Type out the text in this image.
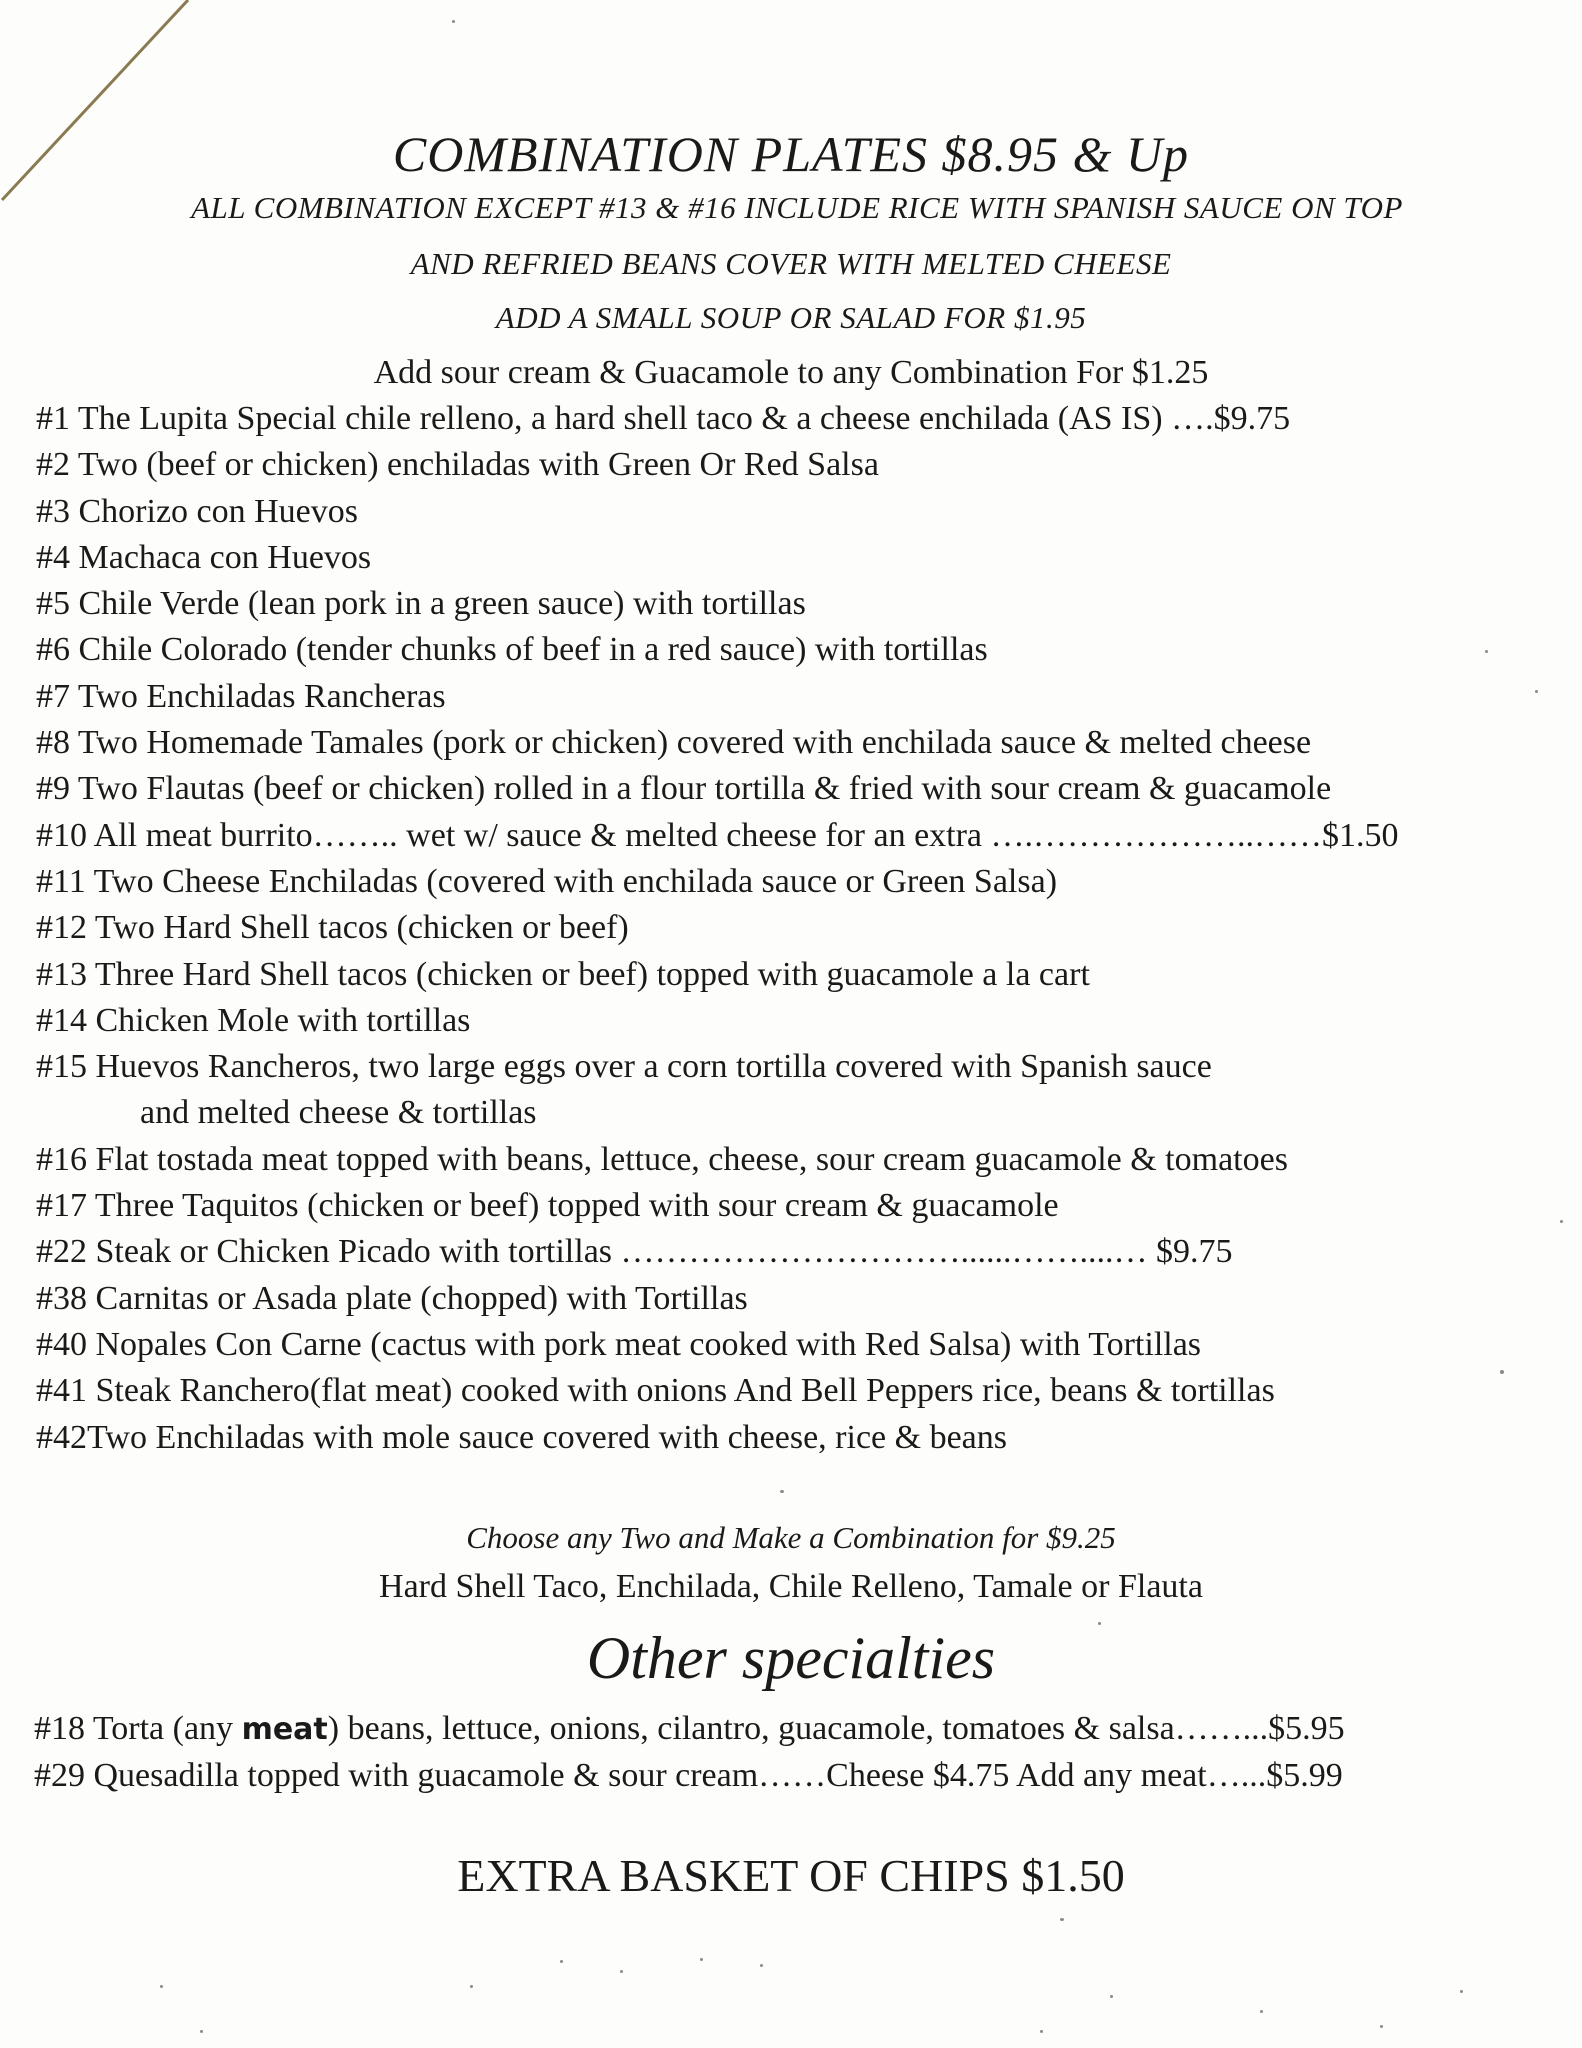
COMBINATION PLATES $8.95 & Up
ALL COMBINATION EXCEPT #13 & #16 INCLUDE RICE WITH SPANISH SAUCE ON TOP
AND REFRIED BEANS COVER WITH MELTED CHEESE
ADD A SMALL SOUP OR SALAD FOR $1.95
Add sour cream & Guacamole to any Combination For $1.25
#1 The Lupita Special chile relleno, a hard shell taco & a cheese enchilada (AS IS) ….$9.75
#2 Two (beef or chicken) enchiladas with Green Or Red Salsa
#3 Chorizo con Huevos
#4 Machaca con Huevos
#5 Chile Verde (lean pork in a green sauce) with tortillas
#6 Chile Colorado (tender chunks of beef in a red sauce) with tortillas
#7 Two Enchiladas Rancheras
#8 Two Homemade Tamales (pork or chicken) covered with enchilada sauce & melted cheese
#9 Two Flautas (beef or chicken) rolled in a flour tortilla & fried with sour cream & guacamole
#10 All meat burrito…….. wet w/ sauce & melted cheese for an extra ….………………..……$1.50
#11 Two Cheese Enchiladas (covered with enchilada sauce or Green Salsa)
#12 Two Hard Shell tacos (chicken or beef)
#13 Three Hard Shell tacos (chicken or beef) topped with guacamole a la cart
#14 Chicken Mole with tortillas
#15 Huevos Rancheros, two large eggs over a corn tortilla covered with Spanish sauce
and melted cheese & tortillas
#16 Flat tostada meat topped with beans, lettuce, cheese, sour cream guacamole & tomatoes
#17 Three Taquitos (chicken or beef) topped with sour cream & guacamole
#22 Steak or Chicken Picado with tortillas …………………………......……....… $9.75
#38 Carnitas or Asada plate (chopped) with Tortillas
#40 Nopales Con Carne (cactus with pork meat cooked with Red Salsa) with Tortillas
#41 Steak Ranchero(flat meat) cooked with onions And Bell Peppers rice, beans & tortillas
#42Two Enchiladas with mole sauce covered with cheese, rice & beans
Choose any Two and Make a Combination for $9.25
Hard Shell Taco, Enchilada, Chile Relleno, Tamale or Flauta
Other specialties
#18 Torta (any meat) beans, lettuce, onions, cilantro, guacamole, tomatoes & salsa……...$5.95
#29 Quesadilla topped with guacamole & sour cream……Cheese $4.75 Add any meat…...$5.99
EXTRA BASKET OF CHIPS $1.50
